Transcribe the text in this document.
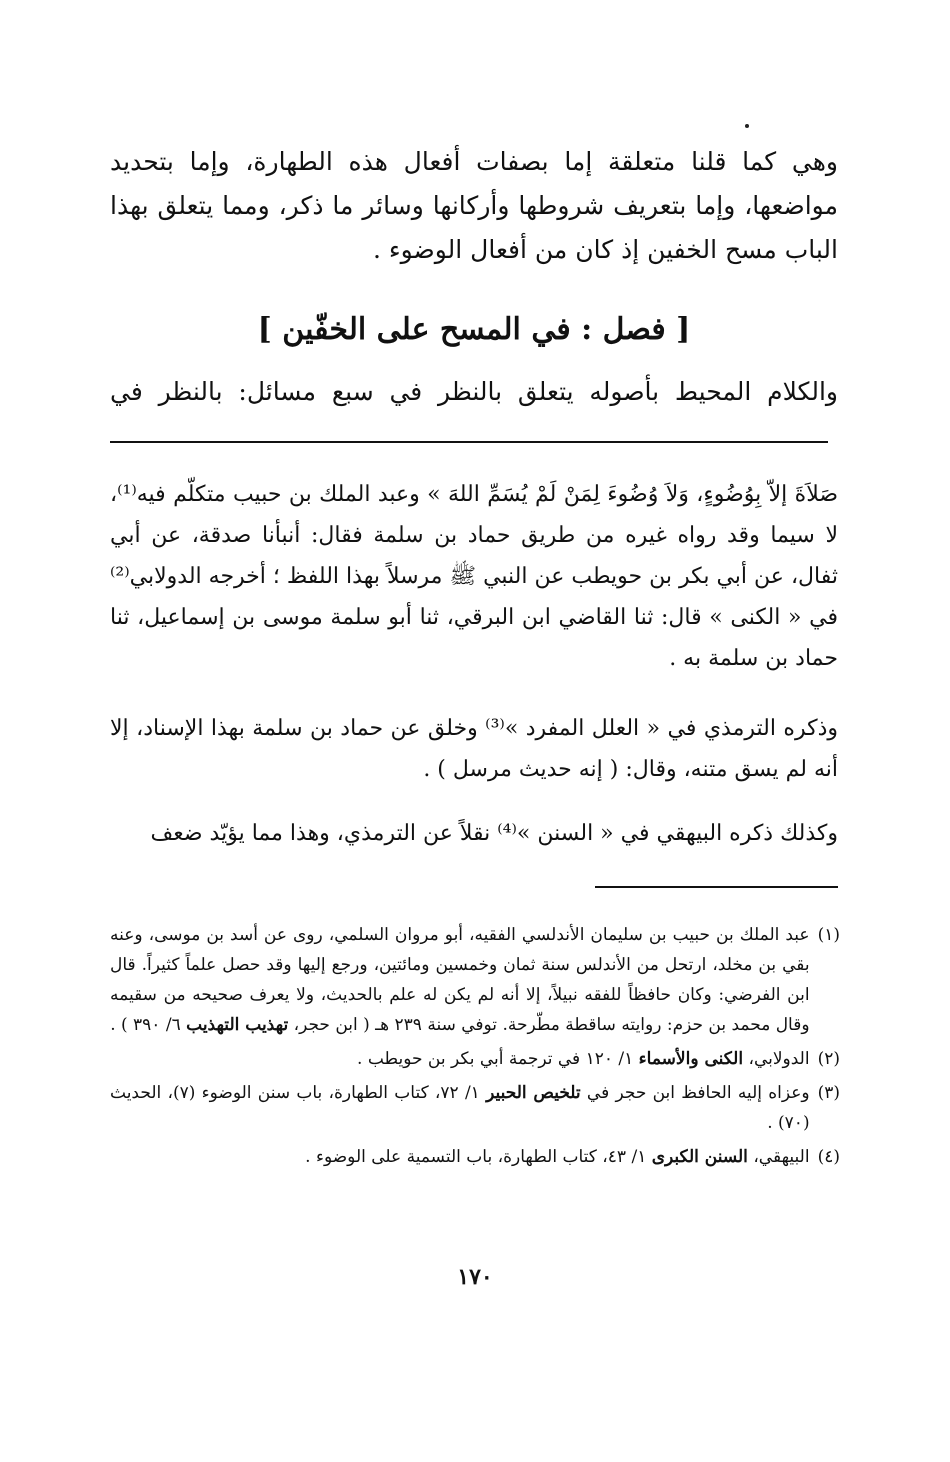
وهي كما قلنا متعلقة إما بصفات أفعال هذه الطهارة، وإما بتحديد مواضعها، وإما بتعريف شروطها وأركانها وسائر ما ذكر، ومما يتعلق بهذا الباب مسح الخفين إذ كان من أفعال الوضوء .

[ فصل : في المسح على الخفّين ]

والكلام المحيط بأصوله يتعلق بالنظر في سبع مسائل: بالنظر في

صَلاَةَ إلاّ بِوُضُوءٍ، وَلاَ وُضُوءَ لِمَنْ لَمْ يُسَمِّ اللهَ » وعبد الملك بن حبيب متكلّم فيه⁽¹⁾، لا سيما وقد رواه غيره من طريق حماد بن سلمة فقال: أنبأنا صدقة، عن أبي ثفال، عن أبي بكر بن حويطب عن النبي ﷺ مرسلاً بهذا اللفظ ؛ أخرجه الدولابي⁽²⁾ في « الكنى » قال: ثنا القاضي ابن البرقي، ثنا أبو سلمة موسى بن إسماعيل، ثنا حماد بن سلمة به .

وذكره الترمذي في « العلل المفرد »⁽³⁾ وخلق عن حماد بن سلمة بهذا الإسناد، إلا أنه لم يسق متنه، وقال: ( إنه حديث مرسل ) .

وكذلك ذكره البيهقي في « السنن »⁽⁴⁾ نقلاً عن الترمذي، وهذا مما يؤيّد ضعف

(١)
عبد الملك بن حبيب بن سليمان الأندلسي الفقيه، أبو مروان السلمي، روى عن أسد بن موسى، وعنه بقي بن مخلد، ارتحل من الأندلس سنة ثمان وخمسين ومائتين، ورجع إليها وقد حصل علماً كثيراً. قال ابن الفرضي: وكان حافظاً للفقه نبيلاً، إلا أنه لم يكن له علم بالحديث، ولا يعرف صحيحه من سقيمه وقال محمد بن حزم: روايته ساقطة مطّرحة. توفي سنة ٢٣٩ هـ ( ابن حجر، تهذيب التهذيب ٦/ ٣٩٠ ) .
(٢)
الدولابي، الكنى والأسماء ١/ ١٢٠ في ترجمة أبي بكر بن حويطب .
(٣)
وعزاه إليه الحافظ ابن حجر في تلخيص الحبير ١/ ٧٢، كتاب الطهارة، باب سنن الوضوء (٧)، الحديث (٧٠) .
(٤)
البيهقي، السنن الكبرى ١/ ٤٣، كتاب الطهارة، باب التسمية على الوضوء .
١٧٠
